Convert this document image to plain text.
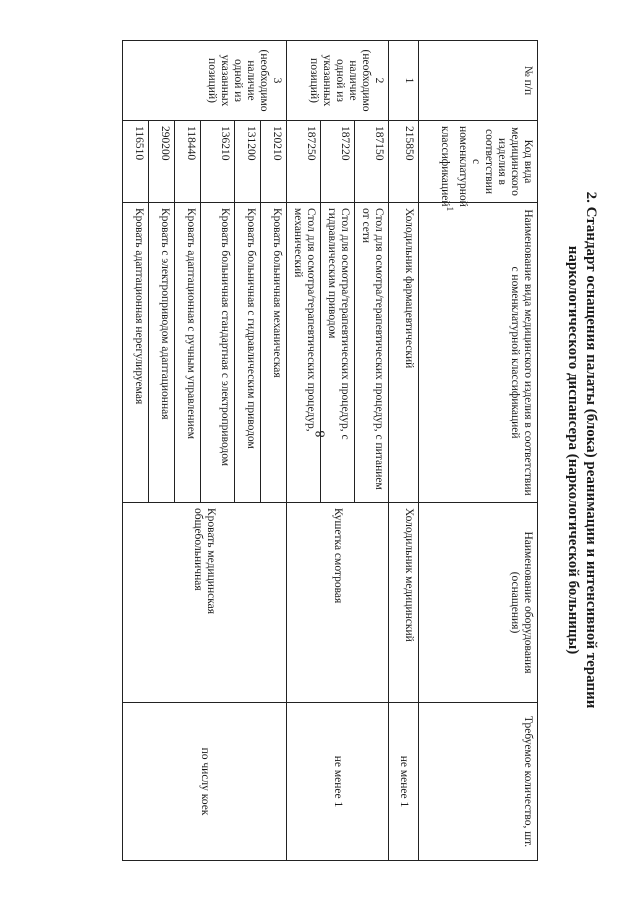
8	2. Стандарт оснащения палаты (блока) реанимации и интенсивной терапии
наркологического диспансера (наркологической больницы)
№ п/п	Код вида медицинского изделия в соответствии с номенклатурной классификацией$^1$	Наименование вида медицинского изделия в соответствии с номенклатурной классификацией	Наименование оборудования (оснащения)	Требуемое количество, шт.
1	215850	Холодильник фармацевтический	Холодильник медицинский	не менее 1
2 (необходимо наличие одной из указанных позиций)	187150	Стол для осмотра/терапевтических процедур, с питанием от сети	Кушетка смотровая	не менее 1
	187220	Стол для осмотра/терапевтических процедур, с гидравлическим приводом		
	187250	Стол для осмотра/терапевтических процедур, механический		
3 (необходимо наличие одной из указанных позиций)	120210	Кровать больничная механическая	Кровать медицинская общебольничная	по числу коек
	131200	Кровать больничная с гидравлическим приводом		
	136210	Кровать больничная стандартная с электроприводом		
	118440	Кровать адаптационная с ручным управлением		
	290200	Кровать с электроприводом адаптационная		
	116510	Кровать адаптационная нерегулируемая		
